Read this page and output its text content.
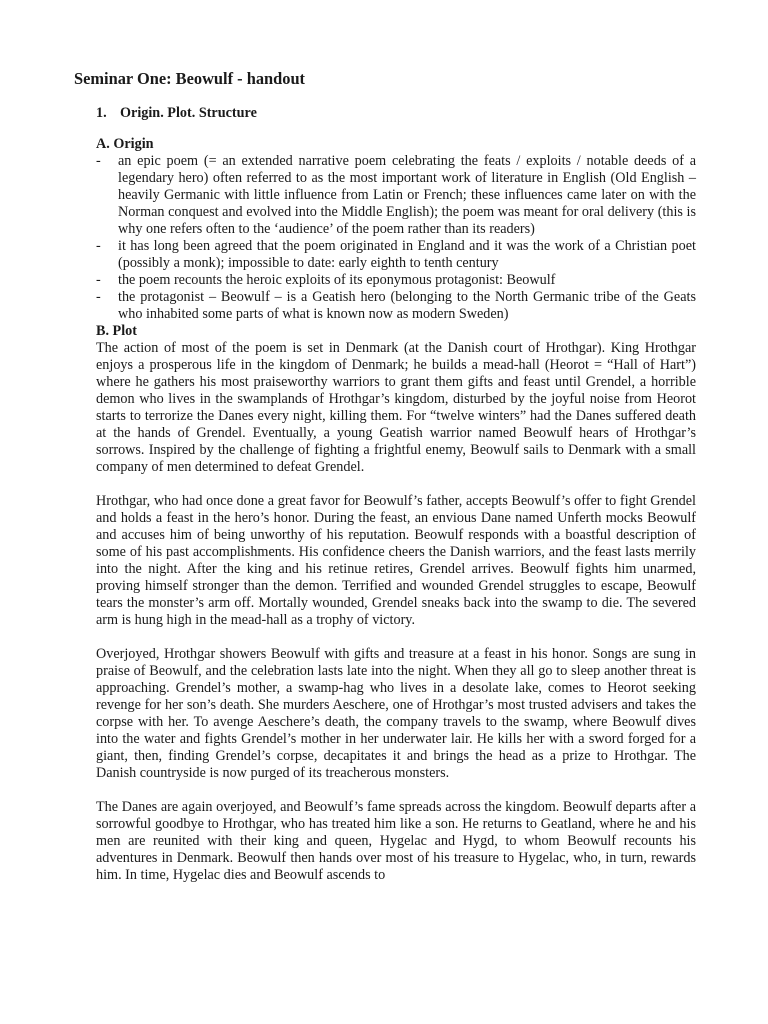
Seminar One: Beowulf - handout
1. Origin. Plot. Structure
A. Origin
-	an epic poem (= an extended narrative poem celebrating the feats / exploits / notable deeds of a legendary hero) often referred to as the most important work of literature in English (Old English – heavily Germanic with little influence from Latin or French; these influences came later on with the Norman conquest and evolved into the Middle English); the poem was meant for oral delivery (this is why one refers often to the ‘audience’ of the poem rather than its readers)
-	it has long been agreed that the poem originated in England and it was the work of a Christian poet (possibly a monk); impossible to date: early eighth to tenth century
-	the poem recounts the heroic exploits of its eponymous protagonist: Beowulf
-	the protagonist – Beowulf – is a Geatish hero (belonging to the North Germanic tribe of the Geats who inhabited some parts of what is known now as modern Sweden)
B. Plot

The action of most of the poem is set in Denmark (at the Danish court of Hrothgar). King Hrothgar enjoys a prosperous life in the kingdom of Denmark; he builds a mead-hall (Heorot = “Hall of Hart”) where he gathers his most praiseworthy warriors to grant them gifts and feast until Grendel, a horrible demon who lives in the swamplands of Hrothgar’s kingdom, disturbed by the joyful noise from Heorot starts to terrorize the Danes every night, killing them. For “twelve winters” had the Danes suffered death at the hands of Grendel. Eventually, a young Geatish warrior named Beowulf hears of Hrothgar’s sorrows. Inspired by the challenge of fighting a frightful enemy, Beowulf sails to Denmark with a small company of men determined to defeat Grendel.

Hrothgar, who had once done a great favor for Beowulf’s father, accepts Beowulf’s offer to fight Grendel and holds a feast in the hero’s honor. During the feast, an envious Dane named Unferth mocks Beowulf and accuses him of being unworthy of his reputation. Beowulf responds with a boastful description of some of his past accomplishments. His confidence cheers the Danish warriors, and the feast lasts merrily into the night. After the king and his retinue retires, Grendel arrives. Beowulf fights him unarmed, proving himself stronger than the demon. Terrified and wounded Grendel struggles to escape, Beowulf tears the monster’s arm off. Mortally wounded, Grendel sneaks back into the swamp to die. The severed arm is hung high in the mead-hall as a trophy of victory.

Overjoyed, Hrothgar showers Beowulf with gifts and treasure at a feast in his honor. Songs are sung in praise of Beowulf, and the celebration lasts late into the night. When they all go to sleep another threat is approaching. Grendel’s mother, a swamp-hag who lives in a desolate lake, comes to Heorot seeking revenge for her son’s death. She murders Aeschere, one of Hrothgar’s most trusted advisers and takes the corpse with her. To avenge Aeschere’s death, the company travels to the swamp, where Beowulf dives into the water and fights Grendel’s mother in her underwater lair. He kills her with a sword forged for a giant, then, finding Grendel’s corpse, decapitates it and brings the head as a prize to Hrothgar. The Danish countryside is now purged of its treacherous monsters.

The Danes are again overjoyed, and Beowulf’s fame spreads across the kingdom. Beowulf departs after a sorrowful goodbye to Hrothgar, who has treated him like a son. He returns to Geatland, where he and his men are reunited with their king and queen, Hygelac and Hygd, to whom Beowulf recounts his adventures in Denmark. Beowulf then hands over most of his treasure to Hygelac, who, in turn, rewards him. In time, Hygelac dies and Beowulf ascends to
